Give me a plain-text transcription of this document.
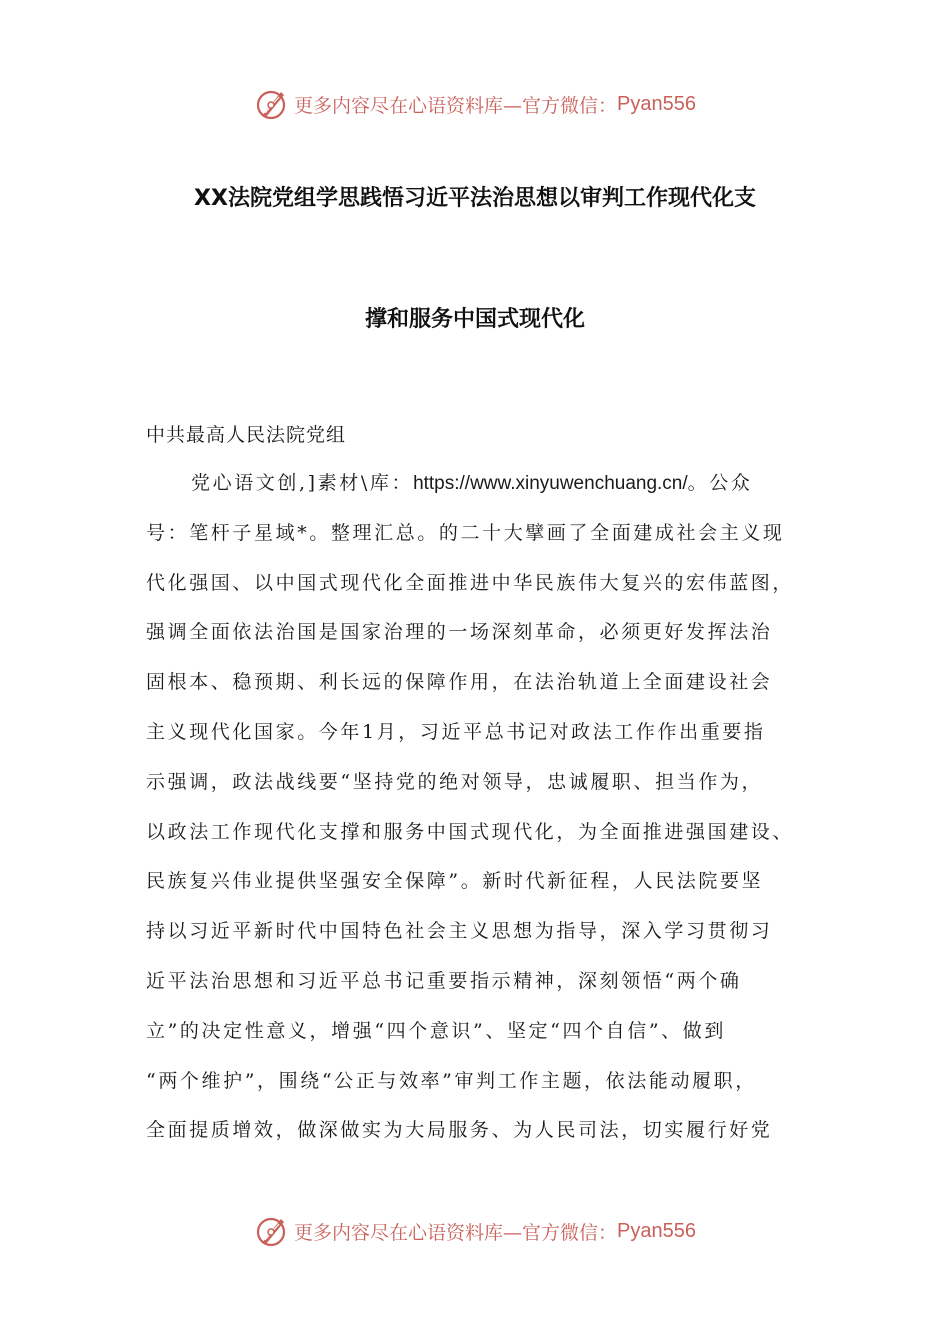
更多内容尽在心语资料库—官方微信： Pyan556
XX法院党组学思践悟习近平法治思想以审判工作现代化支
撑和服务中国式现代化
中共最高人民法院党组
党心语文创,]素材\库：https://www.xinyuwenchuang.cn/。公众
号：笔杆子星域*。整理汇总。的二十大擘画了全面建成社会主义现
代化强国、以中国式现代化全面推进中华民族伟大复兴的宏伟蓝图，
强调全面依法治国是国家治理的一场深刻革命，必须更好发挥法治
固根本、稳预期、利长远的保障作用，在法治轨道上全面建设社会
主义现代化国家。今年1月，习近平总书记对政法工作作出重要指
示强调，政法战线要“坚持党的绝对领导，忠诚履职、担当作为，
以政法工作现代化支撑和服务中国式现代化，为全面推进强国建设、
民族复兴伟业提供坚强安全保障”。新时代新征程，人民法院要坚
持以习近平新时代中国特色社会主义思想为指导，深入学习贯彻习
近平法治思想和习近平总书记重要指示精神，深刻领悟“两个确
立”的决定性意义，增强“四个意识”、坚定“四个自信”、做到
“两个维护”，围绕“公正与效率”审判工作主题，依法能动履职，
全面提质增效，做深做实为大局服务、为人民司法，切实履行好党
更多内容尽在心语资料库—官方微信： Pyan556
